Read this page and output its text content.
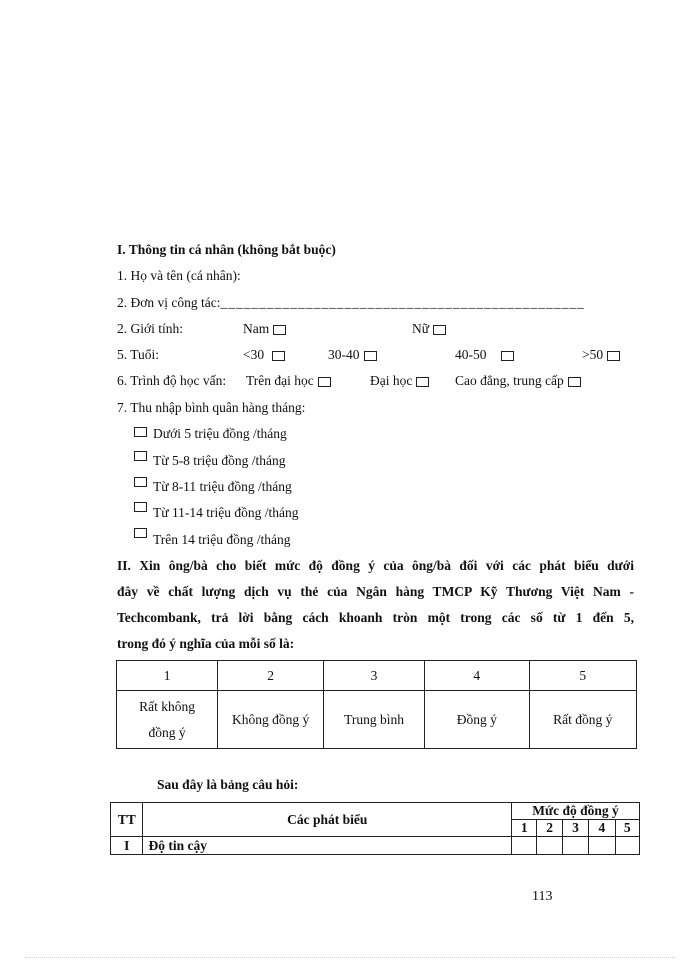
I. Thông tin cá nhân (không bắt buộc)
1. Họ và tên (cá nhân):
2. Đơn vị công tác:_______________________________________________
2. Giới tính:	Nam	Nữ
5. Tuổi:	<30	30-40	40-50	>50
6. Trình độ học vấn: Trên đại học	Đại học	Cao đẳng, trung cấp
7. Thu nhập bình quân hàng tháng:
Dưới 5 triệu đồng /tháng
Từ 5-8 triệu đồng /tháng
Từ 8-11 triệu đồng /tháng
Từ 11-14 triệu đồng /tháng
Trên 14 triệu đồng /tháng
II. Xin ông/bà cho biết mức độ đồng ý của ông/bà đối với các phát biểu dưới
đây về chất lượng dịch vụ thẻ của Ngân hàng TMCP Kỹ Thương Việt Nam -
Techcombank, trả lời bằng cách khoanh tròn một trong các số từ 1 đến 5,
trong đó ý nghĩa của mỗi số là:
1	2	3	4	5
Rất không đồng ý	Không đồng ý	Trung bình	Đồng ý	Rất đồng ý
Sau đây là bảng câu hỏi:
TT	Các phát biểu	Mức độ đồng ý				
		1	2	3	4	5
I	Độ tin cậy					
113
